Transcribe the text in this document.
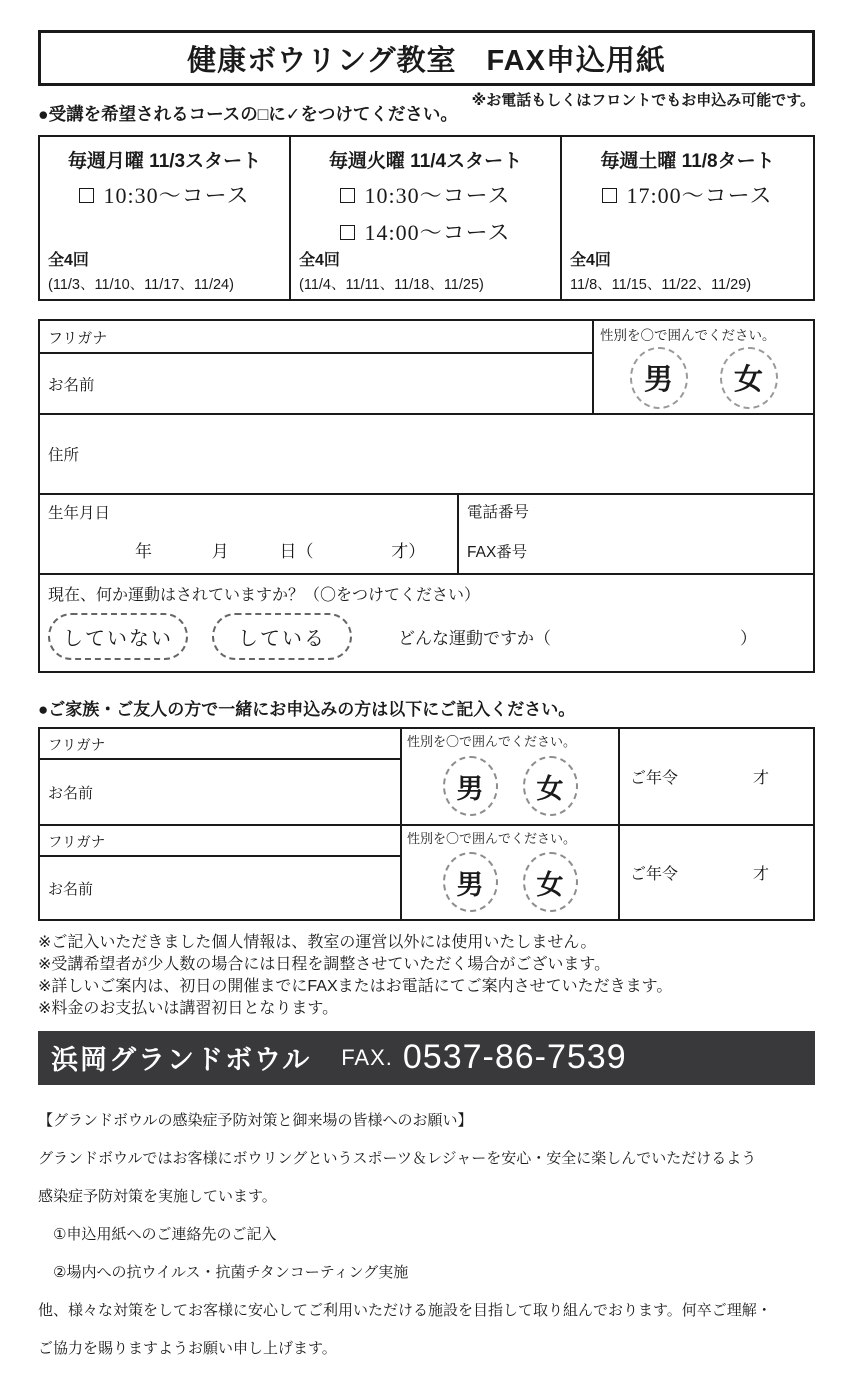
健康ボウリング教室　FAX申込用紙
※お電話もしくはフロントでもお申込み可能です。
●受講を希望されるコースの□に✓をつけてください。
毎週月曜 11/3スタート
10:30～コース
全4回
(11/3、11/10、11/17、11/24)
毎週火曜 11/4スタート
10:30～コース
14:00～コース
全4回
(11/4、11/11、11/18、11/25)
毎週土曜 11/8タート
17:00～コース
全4回
11/8、11/15、11/22、11/29)
フリガナ
お名前
性別を〇で囲んでください。
男 女
住所
生年月日
年	月	日（	才）
電話番号
FAX番号
現在、何か運動はされていますか？（〇をつけてください）
していない	している	どんな運動ですか（	）
●ご家族・ご友人の方で一緒にお申込みの方は以下にご記入ください。
フリガナ
お名前
性別を〇で囲んでください。
男 女	ご年令	才
フリガナ
お名前
性別を〇で囲んでください。
男 女	ご年令	才
※ご記入いただきました個人情報は、教室の運営以外には使用いたしません。
※受講希望者が少人数の場合には日程を調整させていただく場合がございます。
※詳しいご案内は、初日の開催までにFAXまたはお電話にてご案内させていただきます。
※料金のお支払いは講習初日となります。
浜岡グランドボウル FAX. 0537-86-7539

【グランドボウルの感染症予防対策と御来場の皆様へのお願い】

グランドボウルではお客様にボウリングというスポーツ＆レジャーを安心・安全に楽しんでいただけるよう

感染症予防対策を実施しています。

　①申込用紙へのご連絡先のご記入

　②場内への抗ウイルス・抗菌チタンコーティング実施

他、様々な対策をしてお客様に安心してご利用いただける施設を目指して取り組んでおります。何卒ご理解・

ご協力を賜りますようお願い申し上げます。
